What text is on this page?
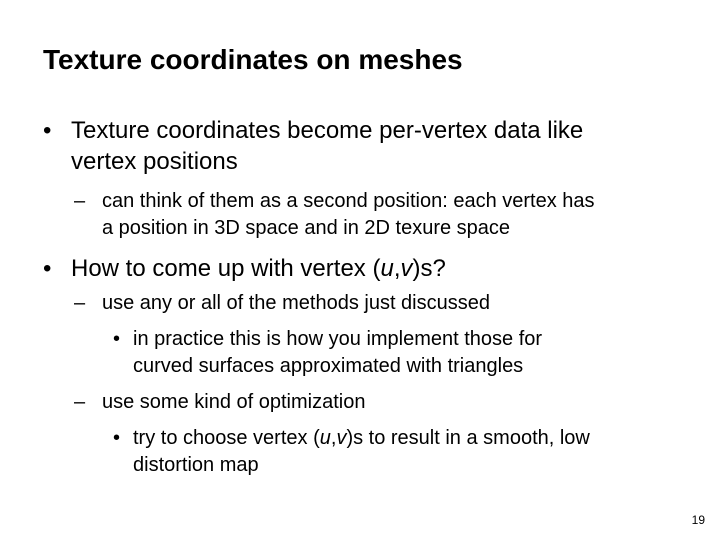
Texture coordinates on meshes
• Texture coordinates become per-vertex data like
vertex positions
– can think of them as a second position: each vertex has
a position in 3D space and in 2D texure space
• How to come up with vertex (u,v)s?
– use any or all of the methods just discussed
• in practice this is how you implement those for
curved surfaces approximated with triangles
– use some kind of optimization
• try to choose vertex (u,v)s to result in a smooth, low
distortion map
19
